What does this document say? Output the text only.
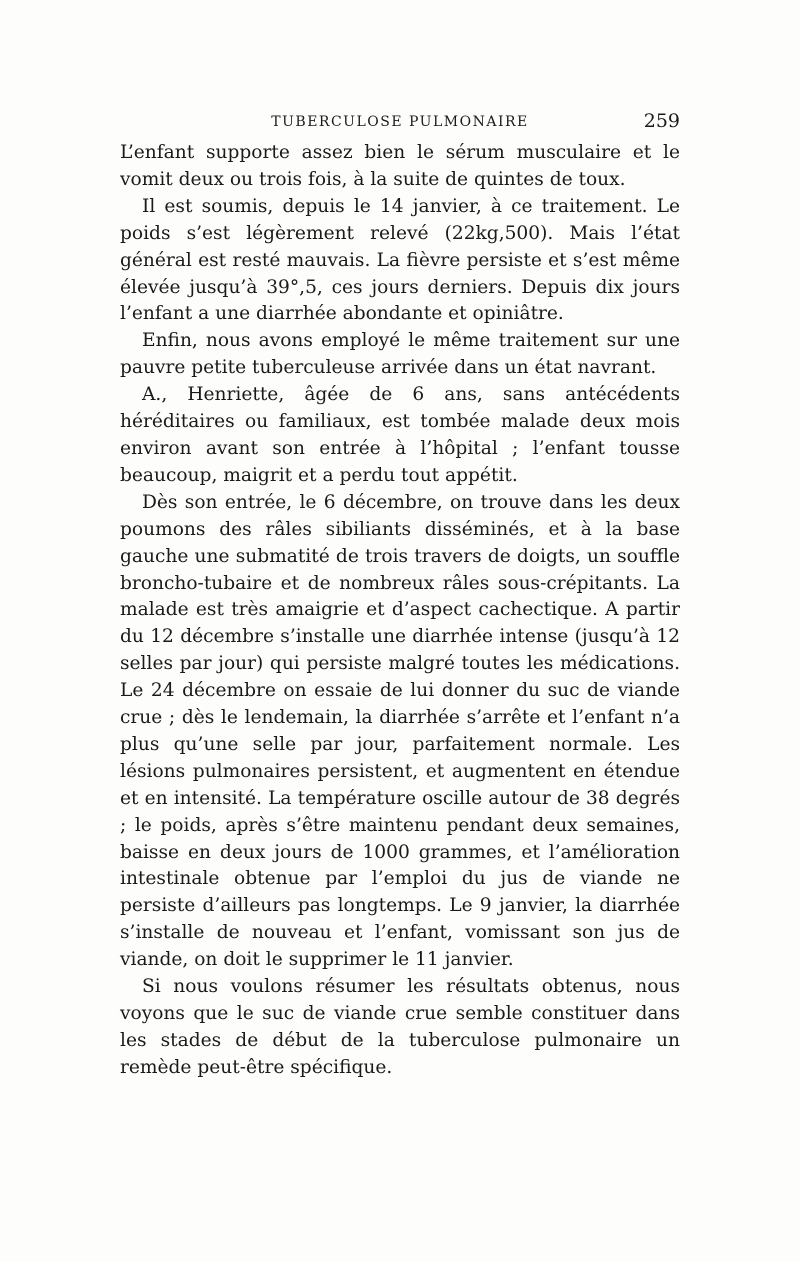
TUBERCULOSE PULMONAIRE	259

L’enfant supporte assez bien le sérum musculaire et le vomit deux ou trois fois, à la suite de quintes de toux.

Il est soumis, depuis le 14 janvier, à ce traitement. Le poids s’est légèrement relevé (22kg,500). Mais l’état général est resté mauvais. La fièvre persiste et s’est même élevée jusqu’à 39°,5, ces jours derniers. Depuis dix jours l’enfant a une diarrhée abondante et opiniâtre.

Enfin, nous avons employé le même traitement sur une pauvre petite tuberculeuse arrivée dans un état navrant.

A., Henriette, âgée de 6 ans, sans antécédents héréditaires ou familiaux, est tombée malade deux mois environ avant son entrée à l’hôpital ; l’enfant tousse beaucoup, maigrit et a perdu tout appétit.

Dès son entrée, le 6 décembre, on trouve dans les deux poumons des râles sibiliants disséminés, et à la base gauche une submatité de trois travers de doigts, un souffle broncho-tubaire et de nombreux râles sous-crépitants. La malade est très amaigrie et d’aspect cachectique. A partir du 12 décembre s’installe une diarrhée intense (jusqu’à 12 selles par jour) qui persiste malgré toutes les médications. Le 24 décembre on essaie de lui donner du suc de viande crue ; dès le lendemain, la diarrhée s’arrête et l’enfant n’a plus qu’une selle par jour, parfaitement normale. Les lésions pulmonaires persistent, et augmentent en étendue et en intensité. La température oscille autour de 38 degrés ; le poids, après s’être maintenu pendant deux semaines, baisse en deux jours de 1000 grammes, et l’amélioration intestinale obtenue par l’emploi du jus de viande ne persiste d’ailleurs pas longtemps. Le 9 janvier, la diarrhée s’installe de nouveau et l’enfant, vomissant son jus de viande, on doit le supprimer le 11 janvier.

Si nous voulons résumer les résultats obtenus, nous voyons que le suc de viande crue semble constituer dans les stades de début de la tuberculose pulmonaire un remède peut-être spécifique.
